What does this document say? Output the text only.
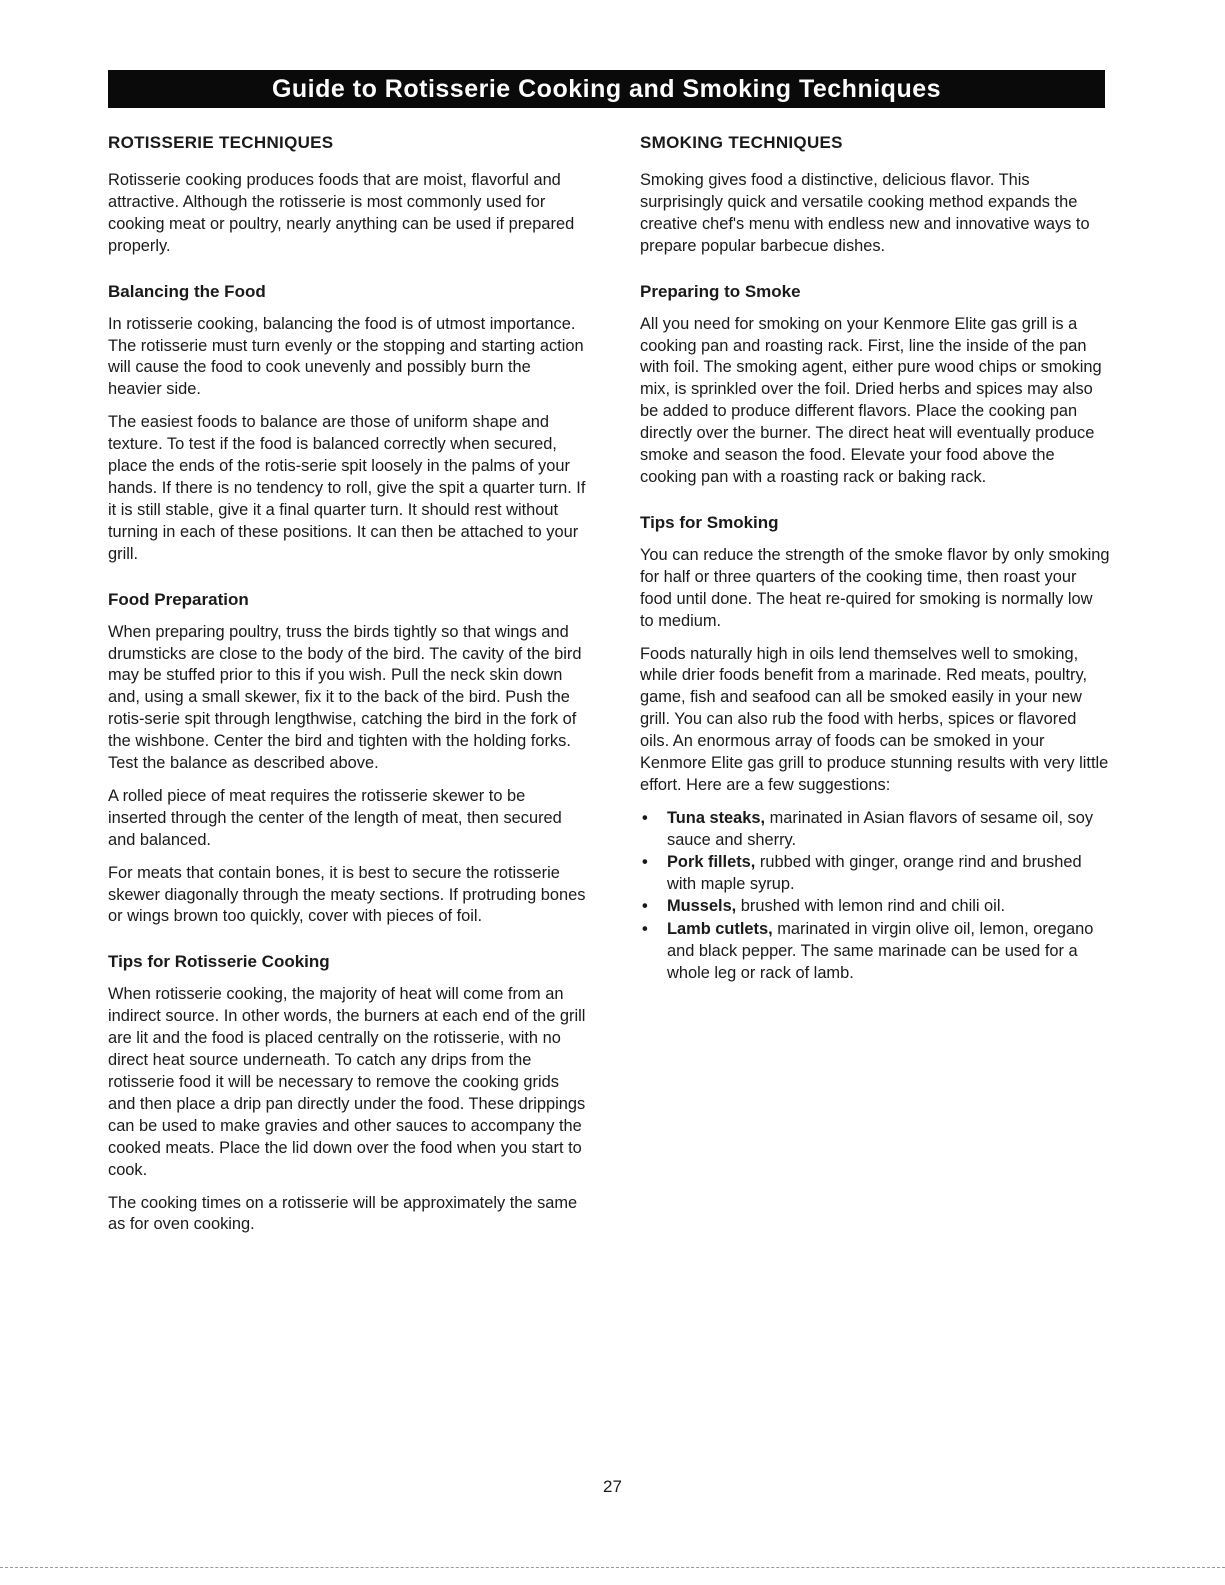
Guide to Rotisserie Cooking and Smoking Techniques
ROTISSERIE TECHNIQUES

Rotisserie cooking produces foods that are moist, flavorful and attractive. Although the rotisserie is most commonly used for cooking meat or poultry, nearly anything can be used if prepared properly.

Balancing the Food

In rotisserie cooking, balancing the food is of utmost importance. The rotisserie must turn evenly or the stopping and starting action will cause the food to cook unevenly and possibly burn the heavier side.

The easiest foods to balance are those of uniform shape and texture. To test if the food is balanced correctly when secured, place the ends of the rotis-serie spit loosely in the palms of your hands. If there is no tendency to roll, give the spit a quarter turn. If it is still stable, give it a final quarter turn. It should rest without turning in each of these positions. It can then be attached to your grill.

Food Preparation

When preparing poultry, truss the birds tightly so that wings and drumsticks are close to the body of the bird. The cavity of the bird may be stuffed prior to this if you wish. Pull the neck skin down and, using a small skewer, fix it to the back of the bird. Push the rotis-serie spit through lengthwise, catching the bird in the fork of the wishbone. Center the bird and tighten with the holding forks. Test the balance as described above.

A rolled piece of meat requires the rotisserie skewer to be inserted through the center of the length of meat, then secured and balanced.

For meats that contain bones, it is best to secure the rotisserie skewer diagonally through the meaty sections. If protruding bones or wings brown too quickly, cover with pieces of foil.

Tips for Rotisserie Cooking

When rotisserie cooking, the majority of heat will come from an indirect source. In other words, the burners at each end of the grill are lit and the food is placed centrally on the rotisserie, with no direct heat source underneath. To catch any drips from the rotisserie food it will be necessary to remove the cooking grids and then place a drip pan directly under the food. These drippings can be used to make gravies and other sauces to accompany the cooked meats. Place the lid down over the food when you start to cook.

The cooking times on a rotisserie will be approximately the same as for oven cooking.

SMOKING TECHNIQUES

Smoking gives food a distinctive, delicious flavor. This surprisingly quick and versatile cooking method expands the creative chef's menu with endless new and innovative ways to prepare popular barbecue dishes.

Preparing to Smoke

All you need for smoking on your Kenmore Elite gas grill is a cooking pan and roasting rack. First, line the inside of the pan with foil. The smoking agent, either pure wood chips or smoking mix, is sprinkled over the foil. Dried herbs and spices may also be added to produce different flavors. Place the cooking pan directly over the burner. The direct heat will eventually produce smoke and season the food. Elevate your food above the cooking pan with a roasting rack or baking rack.

Tips for Smoking

You can reduce the strength of the smoke flavor by only smoking for half or three quarters of the cooking time, then roast your food until done. The heat re-quired for smoking is normally low to medium.

Foods naturally high in oils lend themselves well to smoking, while drier foods benefit from a marinade. Red meats, poultry, game, fish and seafood can all be smoked easily in your new grill. You can also rub the food with herbs, spices or flavored oils. An enormous array of foods can be smoked in your Kenmore Elite gas grill to produce stunning results with very little effort. Here are a few suggestions:

• Tuna steaks, marinated in Asian flavors of sesame oil, soy sauce and sherry.
• Pork fillets, rubbed with ginger, orange rind and brushed with maple syrup.
• Mussels, brushed with lemon rind and chili oil.
• Lamb cutlets, marinated in virgin olive oil, lemon, oregano and black pepper. The same marinade can be used for a whole leg or rack of lamb.
27
